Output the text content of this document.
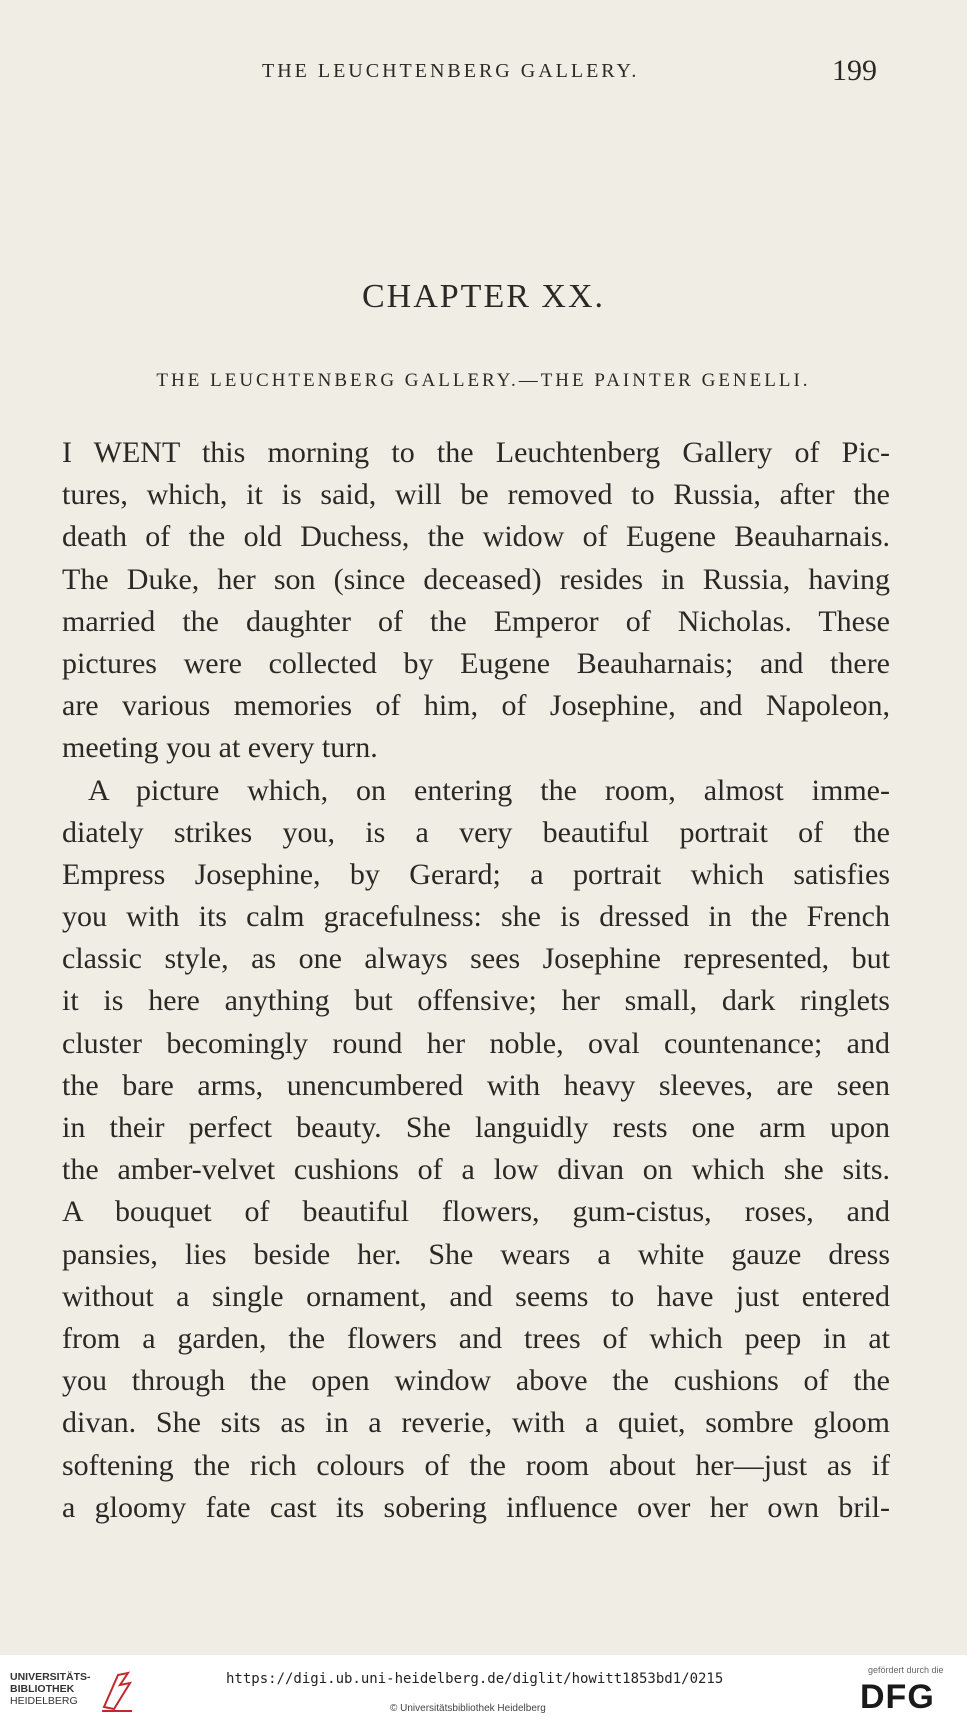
THE LEUCHTENBERG GALLERY.	199
CHAPTER XX.
THE LEUCHTENBERG GALLERY.—THE PAINTER GENELLI.
I WENT this morning to the Leuchtenberg Gallery of Pic-
tures, which, it is said, will be removed to Russia, after the
death of the old Duchess, the widow of Eugene Beauharnais.
The Duke, her son (since deceased) resides in Russia, having
married the daughter of the Emperor of Nicholas. These
pictures were collected by Eugene Beauharnais; and there
are various memories of him, of Josephine, and Napoleon,
meeting you at every turn.
A picture which, on entering the room, almost imme-
diately strikes you, is a very beautiful portrait of the
Empress Josephine, by Gerard; a portrait which satisfies
you with its calm gracefulness: she is dressed in the French
classic style, as one always sees Josephine represented, but
it is here anything but offensive; her small, dark ringlets
cluster becomingly round her noble, oval countenance; and
the bare arms, unencumbered with heavy sleeves, are seen
in their perfect beauty. She languidly rests one arm upon
the amber-velvet cushions of a low divan on which she sits.
A bouquet of beautiful flowers, gum-cistus, roses, and
pansies, lies beside her. She wears a white gauze dress
without a single ornament, and seems to have just entered
from a garden, the flowers and trees of which peep in at
you through the open window above the cushions of the
divan. She sits as in a reverie, with a quiet, sombre gloom
softening the rich colours of the room about her—just as if
a gloomy fate cast its sobering influence over her own bril-
UNIVERSITÄTS-
BIBLIOTHEK
HEIDELBERG
https://digi.ub.uni-heidelberg.de/diglit/howitt1853bd1/0215
© Universitätsbibliothek Heidelberg
gefördert durch die
DFG
